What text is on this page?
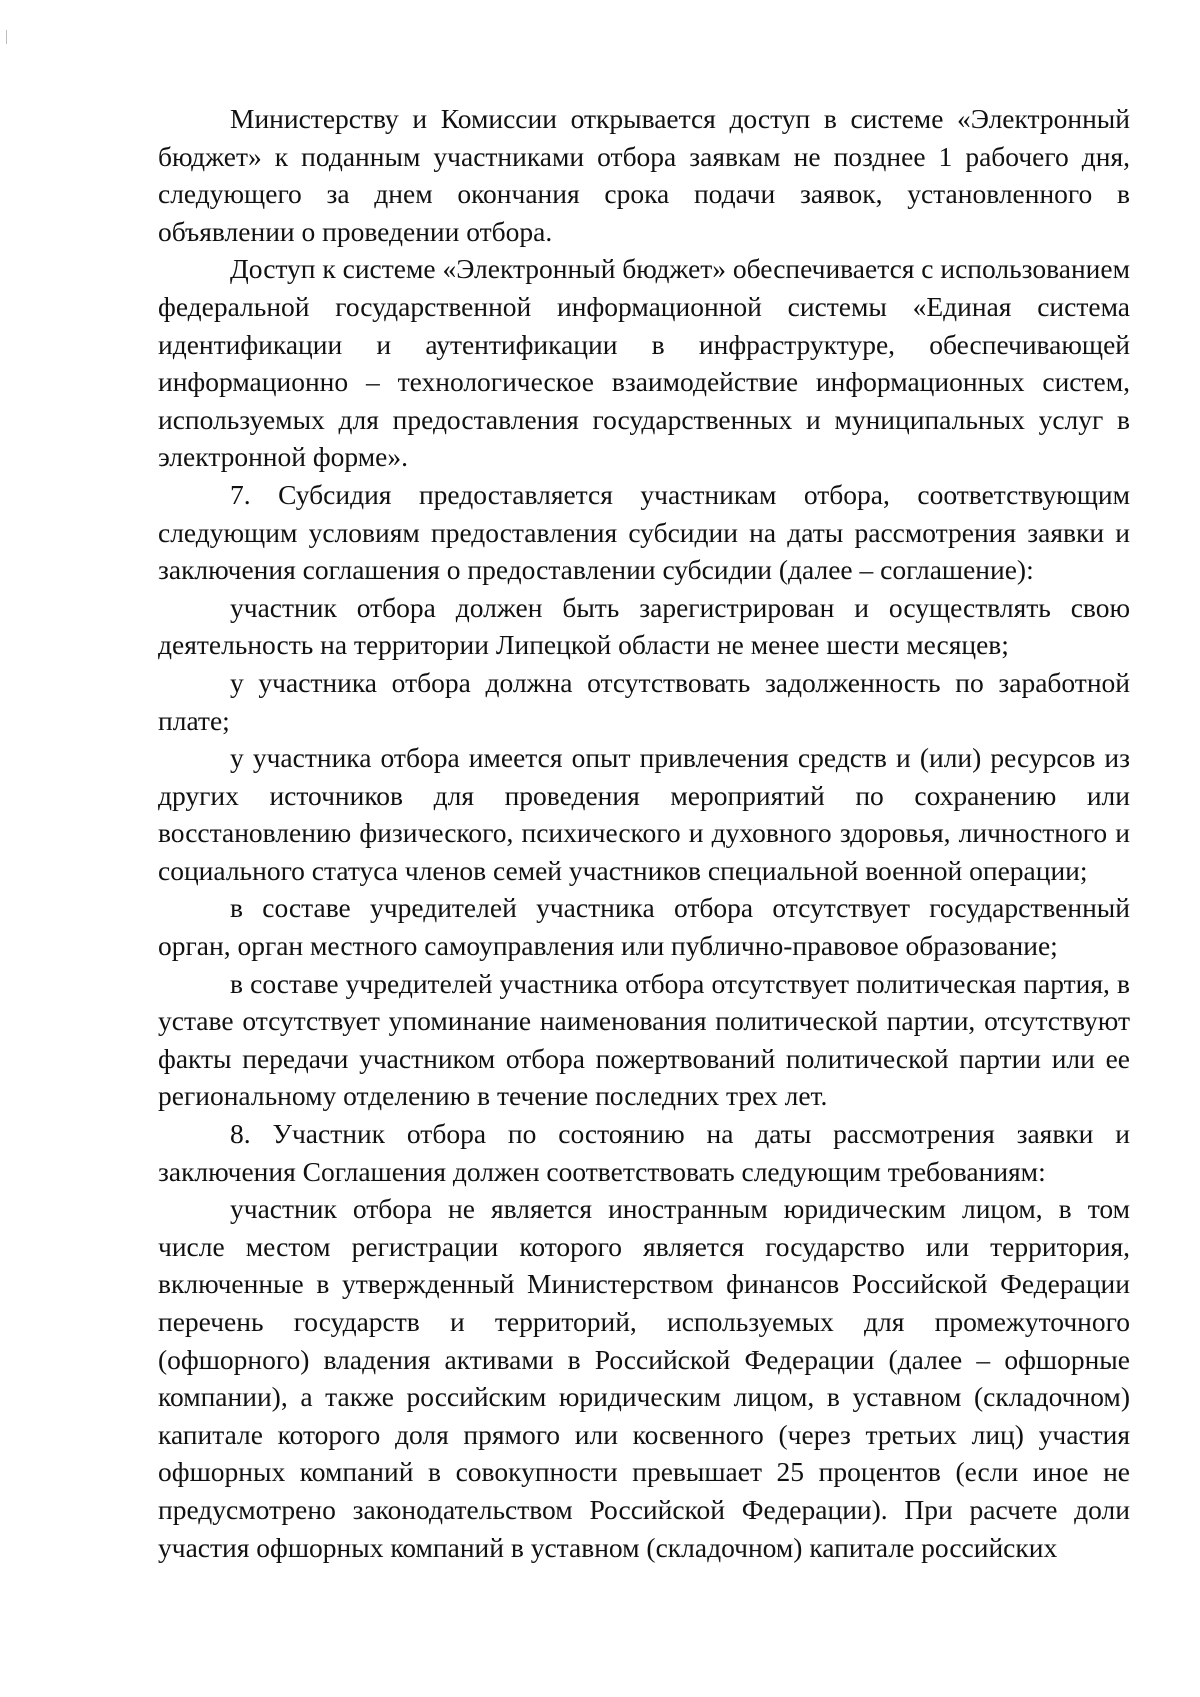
Министерству и Комиссии открывается доступ в системе «Электронный бюджет» к поданным участниками отбора заявкам не позднее 1 рабочего дня, следующего за днем окончания срока подачи заявок, установленного в объявлении о проведении отбора.

Доступ к системе «Электронный бюджет» обеспечивается с использованием федеральной государственной информационной системы «Единая система идентификации и аутентификации в инфраструктуре, обеспечивающей информационно – технологическое взаимодействие информационных систем, используемых для предоставления государственных и муниципальных услуг в электронной форме».

7. Субсидия предоставляется участникам отбора, соответствующим следующим условиям предоставления субсидии на даты рассмотрения заявки и заключения соглашения о предоставлении субсидии (далее – соглашение):

участник отбора должен быть зарегистрирован и осуществлять свою деятельность на территории Липецкой области не менее шести месяцев;

у участника отбора должна отсутствовать задолженность по заработной плате;

у участника отбора имеется опыт привлечения средств и (или) ресурсов из других источников для проведения мероприятий по сохранению или восстановлению физического, психического и духовного здоровья, личностного и социального статуса членов семей участников специальной военной операции;

в составе учредителей участника отбора отсутствует государственный орган, орган местного самоуправления или публично-правовое образование;

в составе учредителей участника отбора отсутствует политическая партия, в уставе отсутствует упоминание наименования политической партии, отсутствуют факты передачи участником отбора пожертвований политической партии или ее региональному отделению в течение последних трех лет.

8. Участник отбора по состоянию на даты рассмотрения заявки и заключения Соглашения должен соответствовать следующим требованиям:

участник отбора не является иностранным юридическим лицом, в том числе местом регистрации которого является государство или территория, включенные в утвержденный Министерством финансов Российской Федерации перечень государств и территорий, используемых для промежуточного (офшорного) владения активами в Российской Федерации (далее – офшорные компании), а также российским юридическим лицом, в уставном (складочном) капитале которого доля прямого или косвенного (через третьих лиц) участия офшорных компаний в совокупности превышает 25 процентов (если иное не предусмотрено законодательством Российской Федерации). При расчете доли участия офшорных компаний в уставном (складочном) капитале российских
